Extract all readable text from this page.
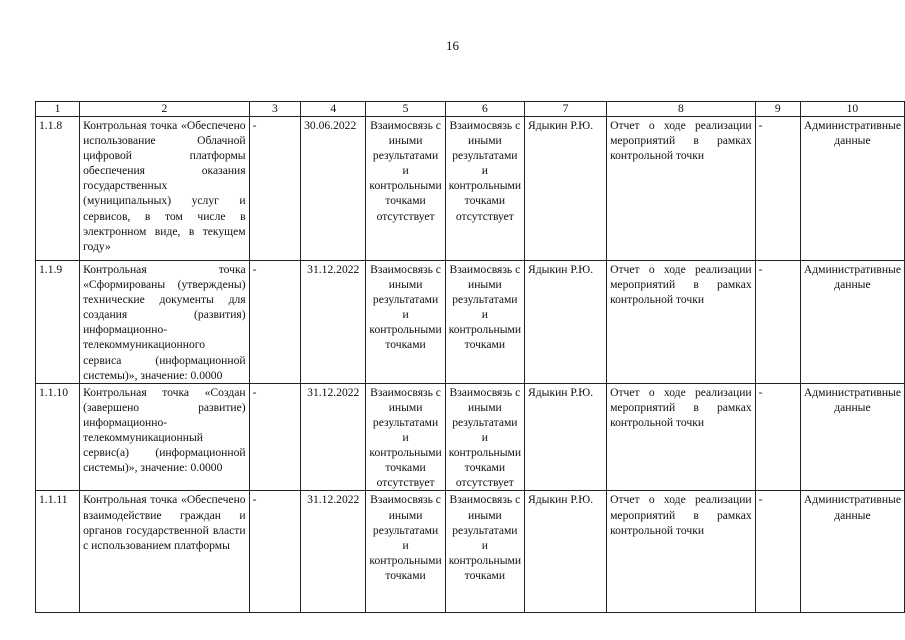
16
1	2	3	4	5	6	7	8	9	10
1.1.8	Контрольная точка «Обеспечено использование Облачной цифровой платформы обеспечения оказания государственных (муниципальных) услуг и сервисов, в том числе в электронном виде, в текущем году»	-	30.06.2022	Взаимосвязь с иными результатами и контрольными точками отсутствует	Взаимосвязь с иными результатами и контрольными точками отсутствует	Ядыкин Р.Ю.	Отчет о ходе реализации мероприятий в рамках контрольной точки	-	Административные данные
1.1.9	Контрольная точка «Сформированы (утверждены) технические документы для создания (развития) информационно-телекоммуникационного сервиса (информационной системы)», значение: 0.0000	-	31.12.2022	Взаимосвязь с иными результатами и контрольными точками	Взаимосвязь с иными результатами и контрольными точками	Ядыкин Р.Ю.	Отчет о ходе реализации мероприятий в рамках контрольной точки	-	Административные данные
1.1.10	Контрольная точка «Создан (завершено развитие) информационно-телекоммуникационный сервис(а) (информационной системы)», значение: 0.0000	-	31.12.2022	Взаимосвязь с иными результатами и контрольными точками отсутствует	Взаимосвязь с иными результатами и контрольными точками отсутствует	Ядыкин Р.Ю.	Отчет о ходе реализации мероприятий в рамках контрольной точки	-	Административные данные
1.1.11	Контрольная точка «Обеспечено взаимодействие граждан и органов государственной власти с использованием платформы	-	31.12.2022	Взаимосвязь с иными результатами и контрольными точками	Взаимосвязь с иными результатами и контрольными точками	Ядыкин Р.Ю.	Отчет о ходе реализации мероприятий в рамках контрольной точки	-	Административные данные
